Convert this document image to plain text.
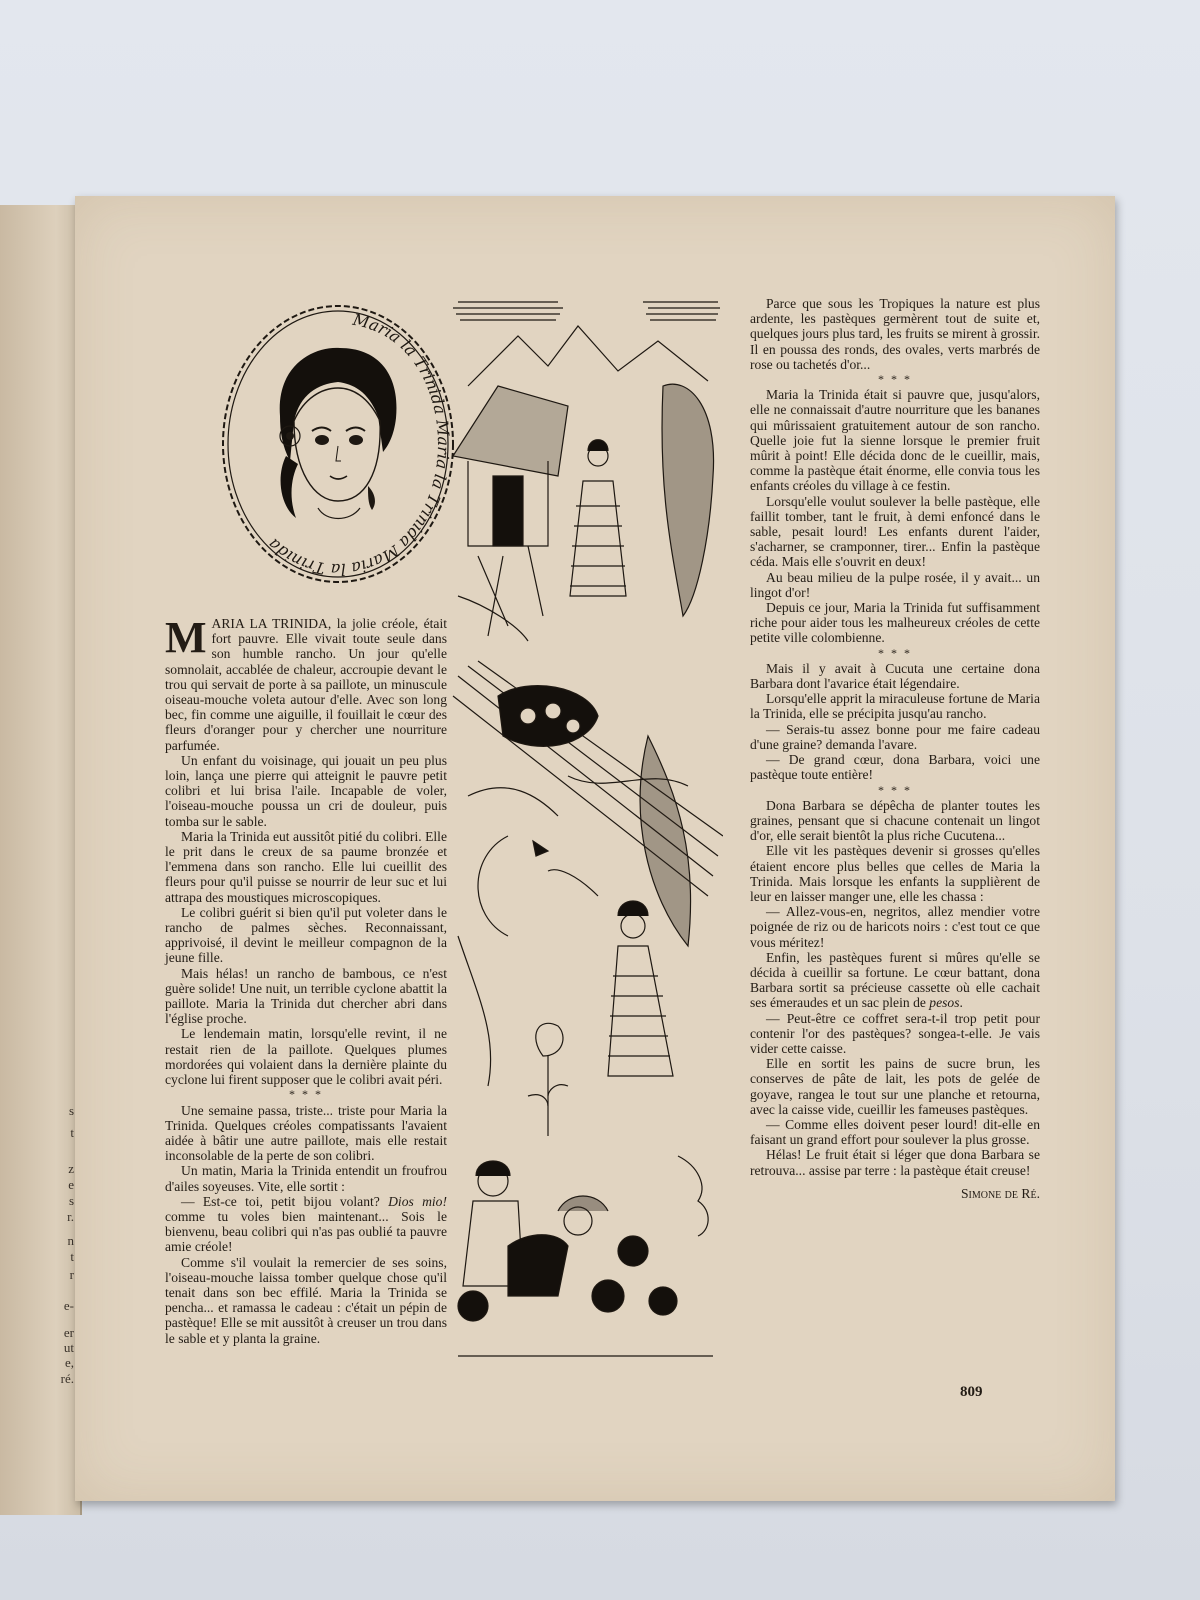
s
t
z
e
s
r.
n
t
r
e-
er
ut
e,
ré.
Maria la Trinida Maria la Trinida Maria la Trinida

MARIA LA TRINIDA, la jolie créole, était fort pauvre. Elle vivait toute seule dans son humble rancho. Un jour qu'elle somnolait, accablée de chaleur, accroupie devant le trou qui servait de porte à sa paillote, un minuscule oiseau-mouche voleta autour d'elle. Avec son long bec, fin comme une aiguille, il fouillait le cœur des fleurs d'oranger pour y chercher une nourriture parfumée.

Un enfant du voisinage, qui jouait un peu plus loin, lança une pierre qui atteignit le pauvre petit colibri et lui brisa l'aile. Incapable de voler, l'oiseau-mouche poussa un cri de douleur, puis tomba sur le sable.

Maria la Trinida eut aussitôt pitié du colibri. Elle le prit dans le creux de sa paume bronzée et l'emmena dans son rancho. Elle lui cueillit des fleurs pour qu'il puisse se nourrir de leur suc et lui attrapa des moustiques microscopiques.

Le colibri guérit si bien qu'il put voleter dans le rancho de palmes sèches. Reconnaissant, apprivoisé, il devint le meilleur compagnon de la jeune fille.

Mais hélas! un rancho de bambous, ce n'est guère solide! Une nuit, un terrible cyclone abattit la paillote. Maria la Trinida dut chercher abri dans l'église proche.

Le lendemain matin, lorsqu'elle revint, il ne restait rien de la paillote. Quelques plumes mordorées qui volaient dans la dernière plainte du cyclone lui firent supposer que le colibri avait péri.

* * *

Une semaine passa, triste... triste pour Maria la Trinida. Quelques créoles compatissants l'avaient aidée à bâtir une autre paillote, mais elle restait inconsolable de la perte de son colibri.

Un matin, Maria la Trinida entendit un froufrou d'ailes soyeuses. Vite, elle sortit :

— Est-ce toi, petit bijou volant? Dios mio! comme tu voles bien maintenant... Sois le bienvenu, beau colibri qui n'as pas oublié ta pauvre amie créole!

Comme s'il voulait la remercier de ses soins, l'oiseau-mouche laissa tomber quelque chose qu'il tenait dans son bec effilé. Maria la Trinida se pencha... et ramassa le cadeau : c'était un pépin de pastèque! Elle se mit aussitôt à creuser un trou dans le sable et y planta la graine.

Parce que sous les Tropiques la nature est plus ardente, les pastèques germèrent tout de suite et, quelques jours plus tard, les fruits se mirent à grossir. Il en poussa des ronds, des ovales, verts marbrés de rose ou tachetés d'or...

* * *

Maria la Trinida était si pauvre que, jusqu'alors, elle ne connaissait d'autre nourriture que les bananes qui mûrissaient gratuitement autour de son rancho. Quelle joie fut la sienne lorsque le premier fruit mûrit à point! Elle décida donc de le cueillir, mais, comme la pastèque était énorme, elle convia tous les enfants créoles du village à ce festin.

Lorsqu'elle voulut soulever la belle pastèque, elle faillit tomber, tant le fruit, à demi enfoncé dans le sable, pesait lourd! Les enfants durent l'aider, s'acharner, se cramponner, tirer... Enfin la pastèque céda. Mais elle s'ouvrit en deux!

Au beau milieu de la pulpe rosée, il y avait... un lingot d'or!

Depuis ce jour, Maria la Trinida fut suffisamment riche pour aider tous les malheureux créoles de cette petite ville colombienne.

* * *

Mais il y avait à Cucuta une certaine dona Barbara dont l'avarice était légendaire.

Lorsqu'elle apprit la miraculeuse fortune de Maria la Trinida, elle se précipita jusqu'au rancho.

— Serais-tu assez bonne pour me faire cadeau d'une graine? demanda l'avare.

— De grand cœur, dona Barbara, voici une pastèque toute entière!

* * *

Dona Barbara se dépêcha de planter toutes les graines, pensant que si chacune contenait un lingot d'or, elle serait bientôt la plus riche Cucutena...

Elle vit les pastèques devenir si grosses qu'elles étaient encore plus belles que celles de Maria la Trinida. Mais lorsque les enfants la supplièrent de leur en laisser manger une, elle les chassa :

— Allez-vous-en, negritos, allez mendier votre poignée de riz ou de haricots noirs : c'est tout ce que vous méritez!

Enfin, les pastèques furent si mûres qu'elle se décida à cueillir sa fortune. Le cœur battant, dona Barbara sortit sa précieuse cassette où elle cachait ses émeraudes et un sac plein de pesos.

— Peut-être ce coffret sera-t-il trop petit pour contenir l'or des pastèques? songea-t-elle. Je vais vider cette caisse.

Elle en sortit les pains de sucre brun, les conserves de pâte de lait, les pots de gelée de goyave, rangea le tout sur une planche et retourna, avec la caisse vide, cueillir les fameuses pastèques.

— Comme elles doivent peser lourd! dit-elle en faisant un grand effort pour soulever la plus grosse.

Hélas! Le fruit était si léger que dona Barbara se retrouva... assise par terre : la pastèque était creuse!

Simone de Ré.

809
